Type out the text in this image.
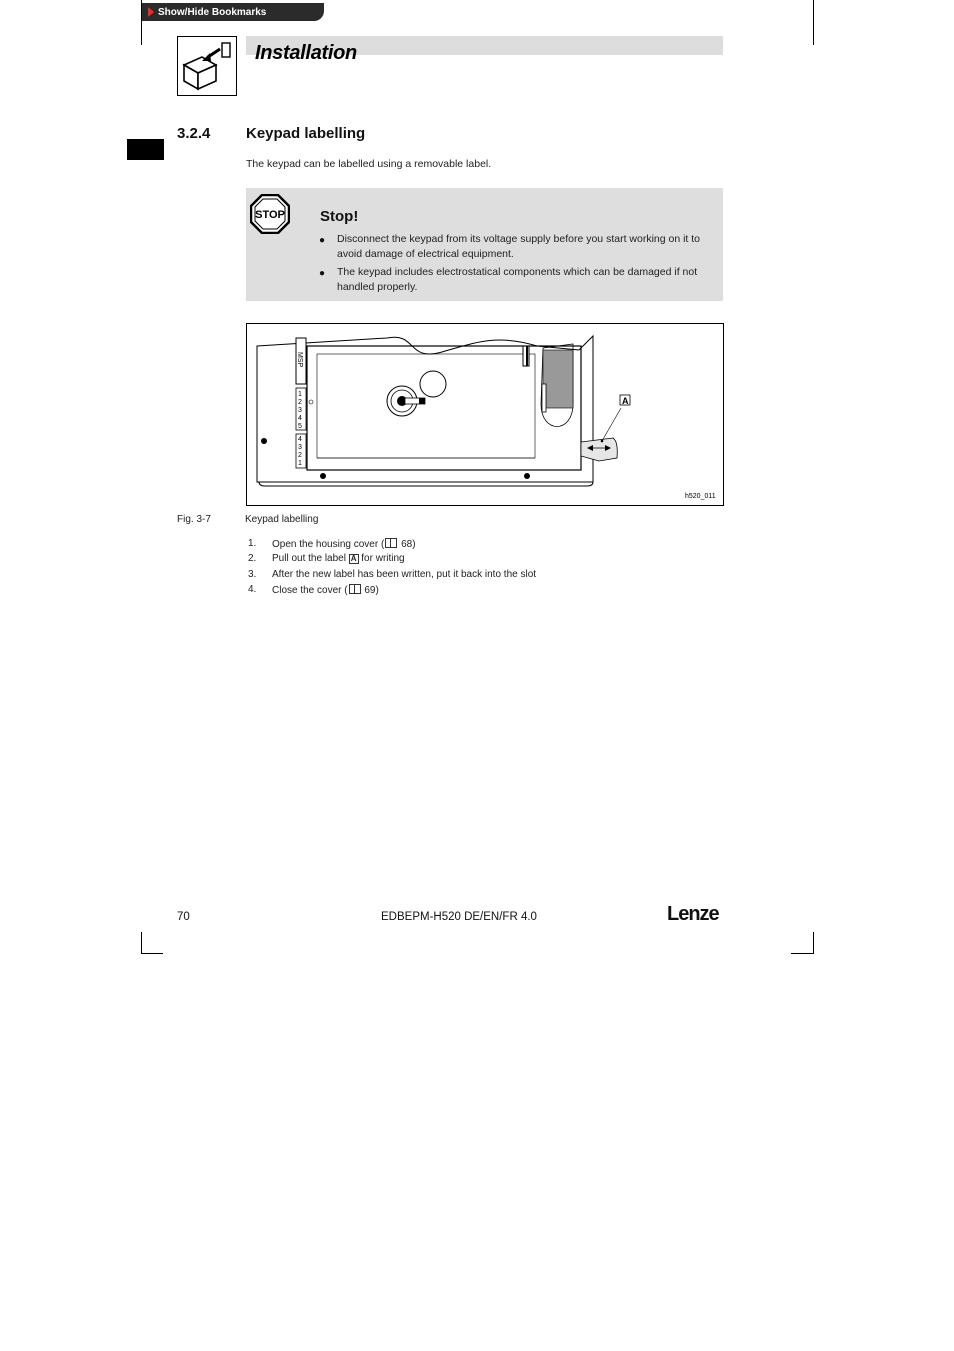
Show/Hide Bookmarks
Installation
3.2.4 Keypad labelling
The keypad can be labelled using a removable label.
STOP Stop!
● Disconnect the keypad from its voltage supply before you start working on it to
avoid damage of electrical equipment.
● The keypad includes electrostatical components which can be damaged if not
handled properly.
MSP
1
2
3
4
5
4
3
2
1
A
h520_011
Fig. 3-7	Keypad labelling
1. Open the housing cover ( 68)
2. Pull out the label A for writing
3. After the new label has been written, put it back into the slot
4. Close the cover ( 69)
70	EDBEPM-H520 DE/EN/FR 4.0	Lenze
